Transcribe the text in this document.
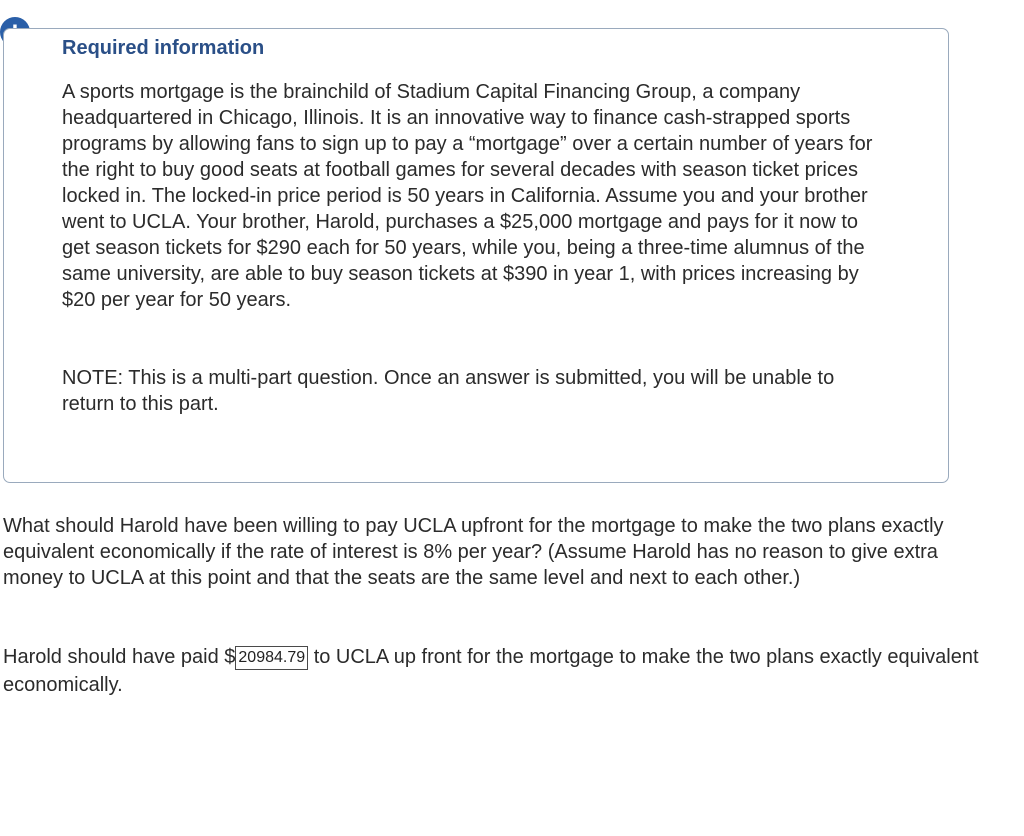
Required information

A sports mortgage is the brainchild of Stadium Capital Financing Group, a company headquartered in Chicago, Illinois. It is an innovative way to finance cash-strapped sports programs by allowing fans to sign up to pay a “mortgage” over a certain number of years for the right to buy good seats at football games for several decades with season ticket prices locked in. The locked-in price period is 50 years in California. Assume you and your brother went to UCLA. Your brother, Harold, purchases a $25,000 mortgage and pays for it now to get season tickets for $290 each for 50 years, while you, being a three-time alumnus of the same university, are able to buy season tickets at $390 in year 1, with prices increasing by $20 per year for 50 years.

NOTE: This is a multi-part question. Once an answer is submitted, you will be unable to return to this part.

What should Harold have been willing to pay UCLA upfront for the mortgage to make the two plans exactly equivalent economically if the rate of interest is 8% per year? (Assume Harold has no reason to give extra money to UCLA at this point and that the seats are the same level and next to each other.)

Harold should have paid $ 20984.79 to UCLA up front for the mortgage to make the two plans exactly equivalent economically.
